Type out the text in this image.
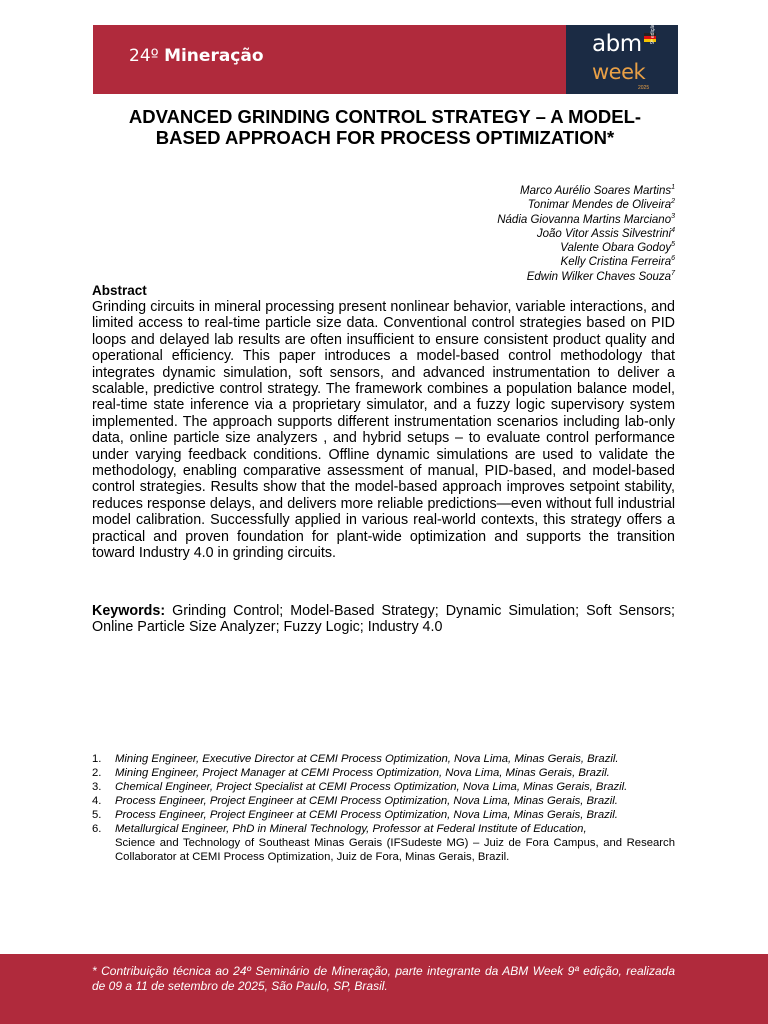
24º Mineração	abm 9ª edição
week
2025
ADVANCED GRINDING CONTROL STRATEGY – A MODEL-BASED APPROACH FOR PROCESS OPTIMIZATION*
Marco Aurélio Soares Martins$^1$
Tonimar Mendes de Oliveira$^2$
Nádia Giovanna Martins Marciano$^3$
João Vitor Assis Silvestrini$^4$
Valente Obara Godoy$^5$
Kelly Cristina Ferreira$^6$
Edwin Wilker Chaves Souza$^7$
Abstract
Grinding circuits in mineral processing present nonlinear behavior, variable interactions, and limited access to real-time particle size data. Conventional control strategies based on PID loops and delayed lab results are often insufficient to ensure consistent product quality and operational efficiency. This paper introduces a model-based control methodology that integrates dynamic simulation, soft sensors, and advanced instrumentation to deliver a scalable, predictive control strategy. The framework combines a population balance model, real-time state inference via a proprietary simulator, and a fuzzy logic supervisory system implemented. The approach supports different instrumentation scenarios including lab-only data, online particle size analyzers , and hybrid setups – to evaluate control performance under varying feedback conditions. Offline dynamic simulations are used to validate the methodology, enabling comparative assessment of manual, PID-based, and model-based control strategies. Results show that the model-based approach improves setpoint stability, reduces response delays, and delivers more reliable predictions—even without full industrial model calibration. Successfully applied in various real-world contexts, this strategy offers a practical and proven foundation for plant-wide optimization and supports the transition toward Industry 4.0 in grinding circuits.
Keywords: Grinding Control; Model-Based Strategy; Dynamic Simulation; Soft Sensors; Online Particle Size Analyzer; Fuzzy Logic; Industry 4.0
1.	Mining Engineer, Executive Director at CEMI Process Optimization, Nova Lima, Minas Gerais, Brazil.
2.	Mining Engineer, Project Manager at CEMI Process Optimization, Nova Lima, Minas Gerais, Brazil.
3.	Chemical Engineer, Project Specialist at CEMI Process Optimization, Nova Lima, Minas Gerais, Brazil.
4.	Process Engineer, Project Engineer at CEMI Process Optimization, Nova Lima, Minas Gerais, Brazil.
5.	Process Engineer, Project Engineer at CEMI Process Optimization, Nova Lima, Minas Gerais, Brazil.
6.	Metallurgical Engineer, PhD in Mineral Technology, Professor at Federal Institute of Education,
Science and Technology of Southeast Minas Gerais (IFSudeste MG) – Juiz de Fora Campus, and Research Collaborator at CEMI Process Optimization, Juiz de Fora, Minas Gerais, Brazil.
* Contribuição técnica ao 24º Seminário de Mineração, parte integrante da ABM Week 9ª edição, realizada de 09 a 11 de setembro de 2025, São Paulo, SP, Brasil.
